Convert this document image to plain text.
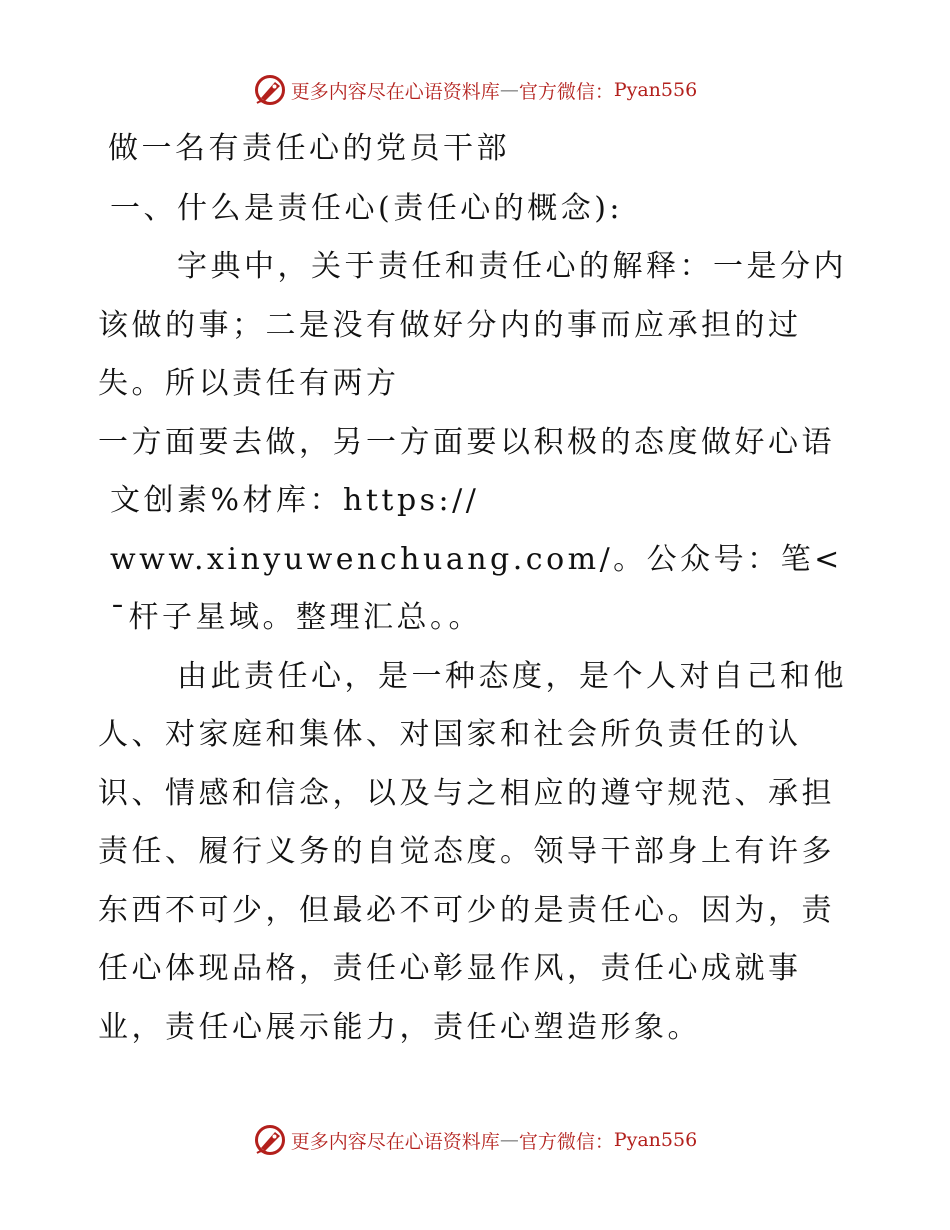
更多内容尽在心语资料库 — 官方微信： Pyan556

做一名有责任心的党员干部

一、什么是责任心(责任心的概念):

字典中，关于责任和责任心的解释：一是分内该做的事；二是没有做好分内的事而应承担的过失。所以责任有两方

一方面要去做，另一方面要以积极的态度做好心语文创素%材库：https://
www.xinyuwenchuang.com/。公众号：笔<¯杆子星域。整理汇总。。

由此责任心，是一种态度，是个人对自己和他人、对家庭和集体、对国家和社会所负责任的认识、情感和信念，以及与之相应的遵守规范、承担责任、履行义务的自觉态度。领导干部身上有许多东西不可少，但最必不可少的是责任心。因为，责任心体现品格，责任心彰显作风，责任心成就事业，责任心展示能力，责任心塑造形象。

更多内容尽在心语资料库 — 官方微信： Pyan556
